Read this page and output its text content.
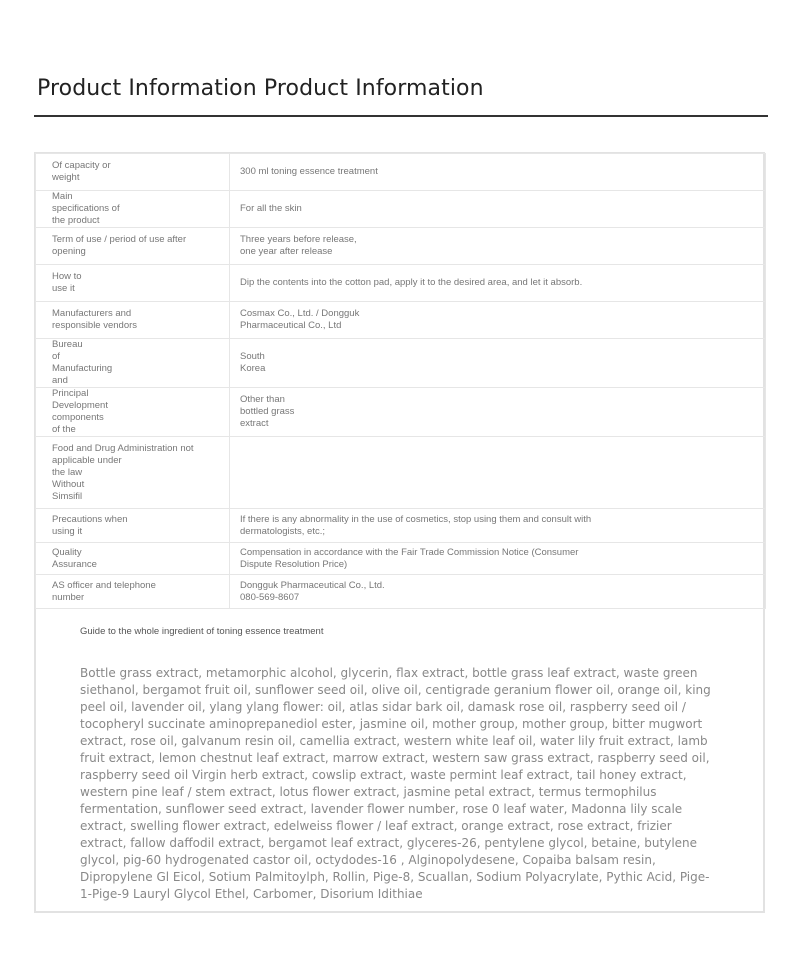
Product Information Product Information
Of capacity or
weight	300 ml toning essence treatment

Main
specifications of
the product	For all the skin

Term of use / period of use after
opening	Three years before release,
one year after release

How to
use it	Dip the contents into the cotton pad, apply it to the desired area, and let it absorb.

Manufacturers and
responsible vendors	Cosmax Co., Ltd. / Dongguk
Pharmaceutical Co., Ltd

Bureau
of
Manufacturing
and	South
Korea

Principal
Development
components
of the	Other than
bottled grass
extract

Food and Drug Administration not applicable under
the law
Without
Simsifil	

Precautions when
using it	If there is any abnormality in the use of cosmetics, stop using them and consult with
dermatologists, etc.;

Quality
Assurance	Compensation in accordance with the Fair Trade Commission Notice (Consumer
Dispute Resolution Price)

AS officer and telephone
number	Dongguk Pharmaceutical Co., Ltd.
080-569-8607
Guide to the whole ingredient of toning essence treatment

Bottle grass extract, metamorphic alcohol, glycerin, flax extract, bottle grass leaf extract, waste green siethanol, bergamot fruit oil, sunflower seed oil, olive oil, centigrade geranium flower oil, orange oil, king peel oil, lavender oil, ylang ylang flower: oil, atlas sidar bark oil, damask rose oil, raspberry seed oil / tocopheryl succinate aminoprepanediol ester, jasmine oil, mother group, mother group, bitter mugwort extract, rose oil, galvanum resin oil, camellia extract, western white leaf oil, water lily fruit extract, lamb fruit extract, lemon chestnut leaf extract, marrow extract, western saw grass extract, raspberry seed oil, raspberry seed oil Virgin herb extract, cowslip extract, waste permint leaf extract, tail honey extract, western pine leaf / stem extract, lotus flower extract, jasmine petal extract, termus termophilus fermentation, sunflower seed extract, lavender flower number, rose 0 leaf water, Madonna lily scale extract, swelling flower extract, edelweiss flower / leaf extract, orange extract, rose extract, frizier extract, fallow daffodil extract, bergamot leaf extract, glyceres-26, pentylene glycol, betaine, butylene glycol, pig-60 hydrogenated castor oil, octydodes-16 , Alginopolydesene, Copaiba balsam resin, Dipropylene Gl Eicol, Sotium Palmitoylph, Rollin, Pige-8, Scuallan, Sodium Polyacrylate, Pythic Acid, Pige-1-Pige-9 Lauryl Glycol Ethel, Carbomer, Disorium Idithiae
